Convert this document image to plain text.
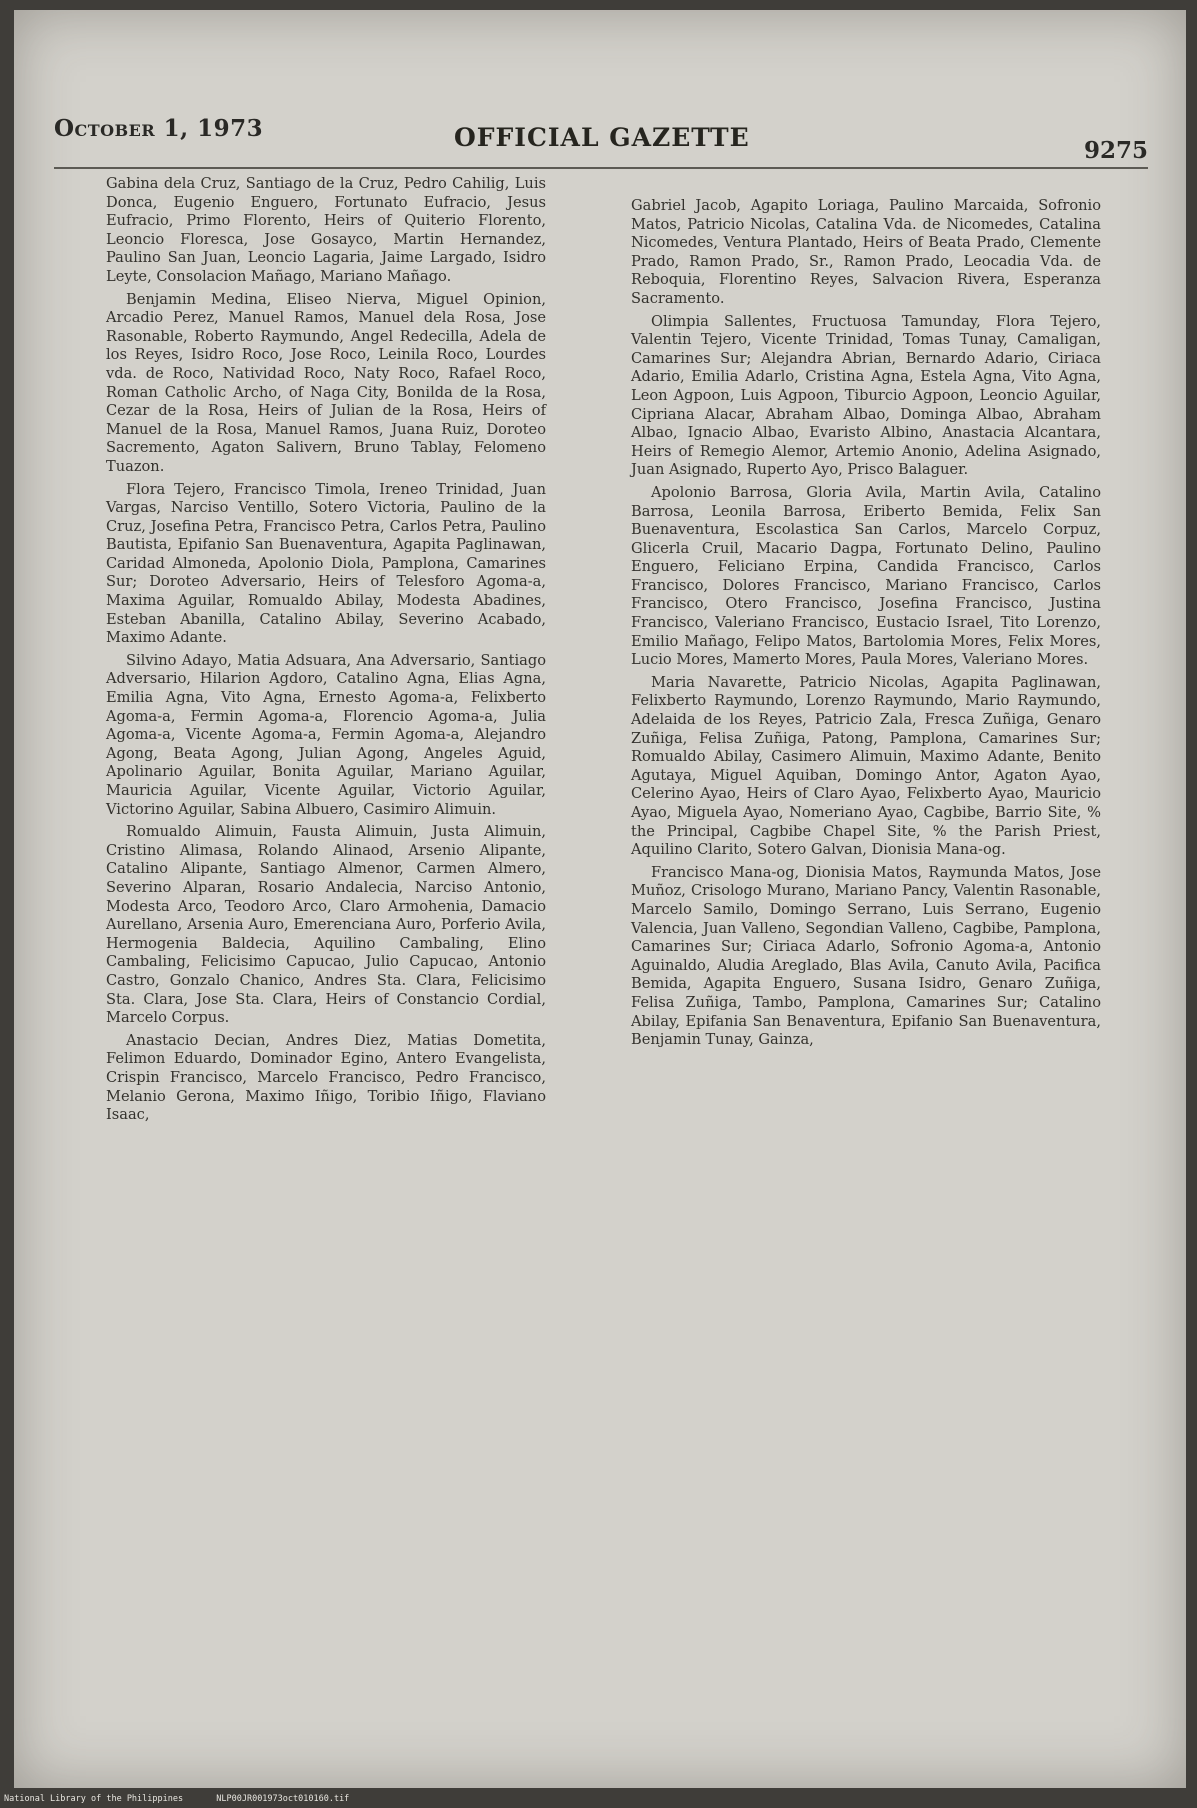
October 1, 1973	OFFICIAL GAZETTE	9275

Gabina dela Cruz, Santiago de la Cruz, Pedro Cahilig, Luis Donca, Eugenio Enguero, Fortunato Eufracio, Jesus Eufracio, Primo Florento, Heirs of Quiterio Florento, Leoncio Floresca, Jose Gosayco, Martin Hernandez, Paulino San Juan, Leoncio Lagaria, Jaime Largado, Isidro Leyte, Consolacion Mañago, Mariano Mañago.

Benjamin Medina, Eliseo Nierva, Miguel Opinion, Arcadio Perez, Manuel Ramos, Manuel dela Rosa, Jose Rasonable, Roberto Raymundo, Angel Redecilla, Adela de los Reyes, Isidro Roco, Jose Roco, Leinila Roco, Lourdes vda. de Roco, Natividad Roco, Naty Roco, Rafael Roco, Roman Catholic Archo, of Naga City, Bonilda de la Rosa, Cezar de la Rosa, Heirs of Julian de la Rosa, Heirs of Manuel de la Rosa, Manuel Ramos, Juana Ruiz, Doroteo Sacremento, Agaton Salivern, Bruno Tablay, Felomeno Tuazon.

Flora Tejero, Francisco Timola, Ireneo Trinidad, Juan Vargas, Narciso Ventillo, Sotero Victoria, Paulino de la Cruz, Josefina Petra, Francisco Petra, Carlos Petra, Paulino Bautista, Epifanio San Buenaventura, Agapita Paglinawan, Caridad Almoneda, Apolonio Diola, Pamplona, Camarines Sur; Doroteo Adversario, Heirs of Telesforo Agoma-a, Maxima Aguilar, Romualdo Abilay, Modesta Abadines, Esteban Abanilla, Catalino Abilay, Severino Acabado, Maximo Adante.

Silvino Adayo, Matia Adsuara, Ana Adversario, Santiago Adversario, Hilarion Agdoro, Catalino Agna, Elias Agna, Emilia Agna, Vito Agna, Ernesto Agoma-a, Felixberto Agoma-a, Fermin Agoma-a, Florencio Agoma-a, Julia Agoma-a, Vicente Agoma-a, Fermin Agoma-a, Alejandro Agong, Beata Agong, Julian Agong, Angeles Aguid, Apolinario Aguilar, Bonita Aguilar, Mariano Aguilar, Mauricia Aguilar, Vicente Aguilar, Victorio Aguilar, Victorino Aguilar, Sabina Albuero, Casimiro Alimuin.

Romualdo Alimuin, Fausta Alimuin, Justa Alimuin, Cristino Alimasa, Rolando Alinaod, Arsenio Alipante, Catalino Alipante, Santiago Almenor, Carmen Almero, Severino Alparan, Rosario Andalecia, Narciso Antonio, Modesta Arco, Teodoro Arco, Claro Armohenia, Damacio Aurellano, Arsenia Auro, Emerenciana Auro, Porferio Avila, Hermogenia Baldecia, Aquilino Cambaling, Elino Cambaling, Felicisimo Capucao, Julio Capucao, Antonio Castro, Gonzalo Chanico, Andres Sta. Clara, Felicisimo Sta. Clara, Jose Sta. Clara, Heirs of Constancio Cordial, Marcelo Corpus.

Anastacio Decian, Andres Diez, Matias Dometita, Felimon Eduardo, Dominador Egino, Antero Evangelista, Crispin Francisco, Marcelo Francisco, Pedro Francisco, Melanio Gerona, Maximo Iñigo, Toribio Iñigo, Flaviano Isaac,

Gabriel Jacob, Agapito Loriaga, Paulino Marcaida, Sofronio Matos, Patricio Nicolas, Catalina Vda. de Nicomedes, Catalina Nicomedes, Ventura Plantado, Heirs of Beata Prado, Clemente Prado, Ramon Prado, Sr., Ramon Prado, Leocadia Vda. de Reboquia, Florentino Reyes, Salvacion Rivera, Esperanza Sacramento.

Olimpia Sallentes, Fructuosa Tamunday, Flora Tejero, Valentin Tejero, Vicente Trinidad, Tomas Tunay, Camaligan, Camarines Sur; Alejandra Abrian, Bernardo Adario, Ciriaca Adario, Emilia Adarlo, Cristina Agna, Estela Agna, Vito Agna, Leon Agpoon, Luis Agpoon, Tiburcio Agpoon, Leoncio Aguilar, Cipriana Alacar, Abraham Albao, Dominga Albao, Abraham Albao, Ignacio Albao, Evaristo Albino, Anastacia Alcantara, Heirs of Remegio Alemor, Artemio Anonio, Adelina Asignado, Juan Asignado, Ruperto Ayo, Prisco Balaguer.

Apolonio Barrosa, Gloria Avila, Martin Avila, Catalino Barrosa, Leonila Barrosa, Eriberto Bemida, Felix San Buenaventura, Escolastica San Carlos, Marcelo Corpuz, Glicerla Cruil, Macario Dagpa, Fortunato Delino, Paulino Enguero, Feliciano Erpina, Candida Francisco, Carlos Francisco, Dolores Francisco, Mariano Francisco, Carlos Francisco, Otero Francisco, Josefina Francisco, Justina Francisco, Valeriano Francisco, Eustacio Israel, Tito Lorenzo, Emilio Mañago, Felipo Matos, Bartolomia Mores, Felix Mores, Lucio Mores, Mamerto Mores, Paula Mores, Valeriano Mores.

Maria Navarette, Patricio Nicolas, Agapita Paglinawan, Felixberto Raymundo, Lorenzo Raymundo, Mario Raymundo, Adelaida de los Reyes, Patricio Zala, Fresca Zuñiga, Genaro Zuñiga, Felisa Zuñiga, Patong, Pamplona, Camarines Sur; Romualdo Abilay, Casimero Alimuin, Maximo Adante, Benito Agutaya, Miguel Aquiban, Domingo Antor, Agaton Ayao, Celerino Ayao, Heirs of Claro Ayao, Felixberto Ayao, Mauricio Ayao, Miguela Ayao, Nomeriano Ayao, Cagbibe, Barrio Site, % the Principal, Cagbibe Chapel Site, % the Parish Priest, Aquilino Clarito, Sotero Galvan, Dionisia Mana-og.

Francisco Mana-og, Dionisia Matos, Raymunda Matos, Jose Muñoz, Crisologo Murano, Mariano Pancy, Valentin Rasonable, Marcelo Samilo, Domingo Serrano, Luis Serrano, Eugenio Valencia, Juan Valleno, Segondian Valleno, Cagbibe, Pamplona, Camarines Sur; Ciriaca Adarlo, Sofronio Agoma-a, Antonio Aguinaldo, Aludia Areglado, Blas Avila, Canuto Avila, Pacifica Bemida, Agapita Enguero, Susana Isidro, Genaro Zuñiga, Felisa Zuñiga, Tambo, Pamplona, Camarines Sur; Catalino Abilay, Epifania San Benaventura, Epifanio San Buenaventura, Benjamin Tunay, Gainza,

National Library of the Philippines	NLP00JR001973oct010160.tif
